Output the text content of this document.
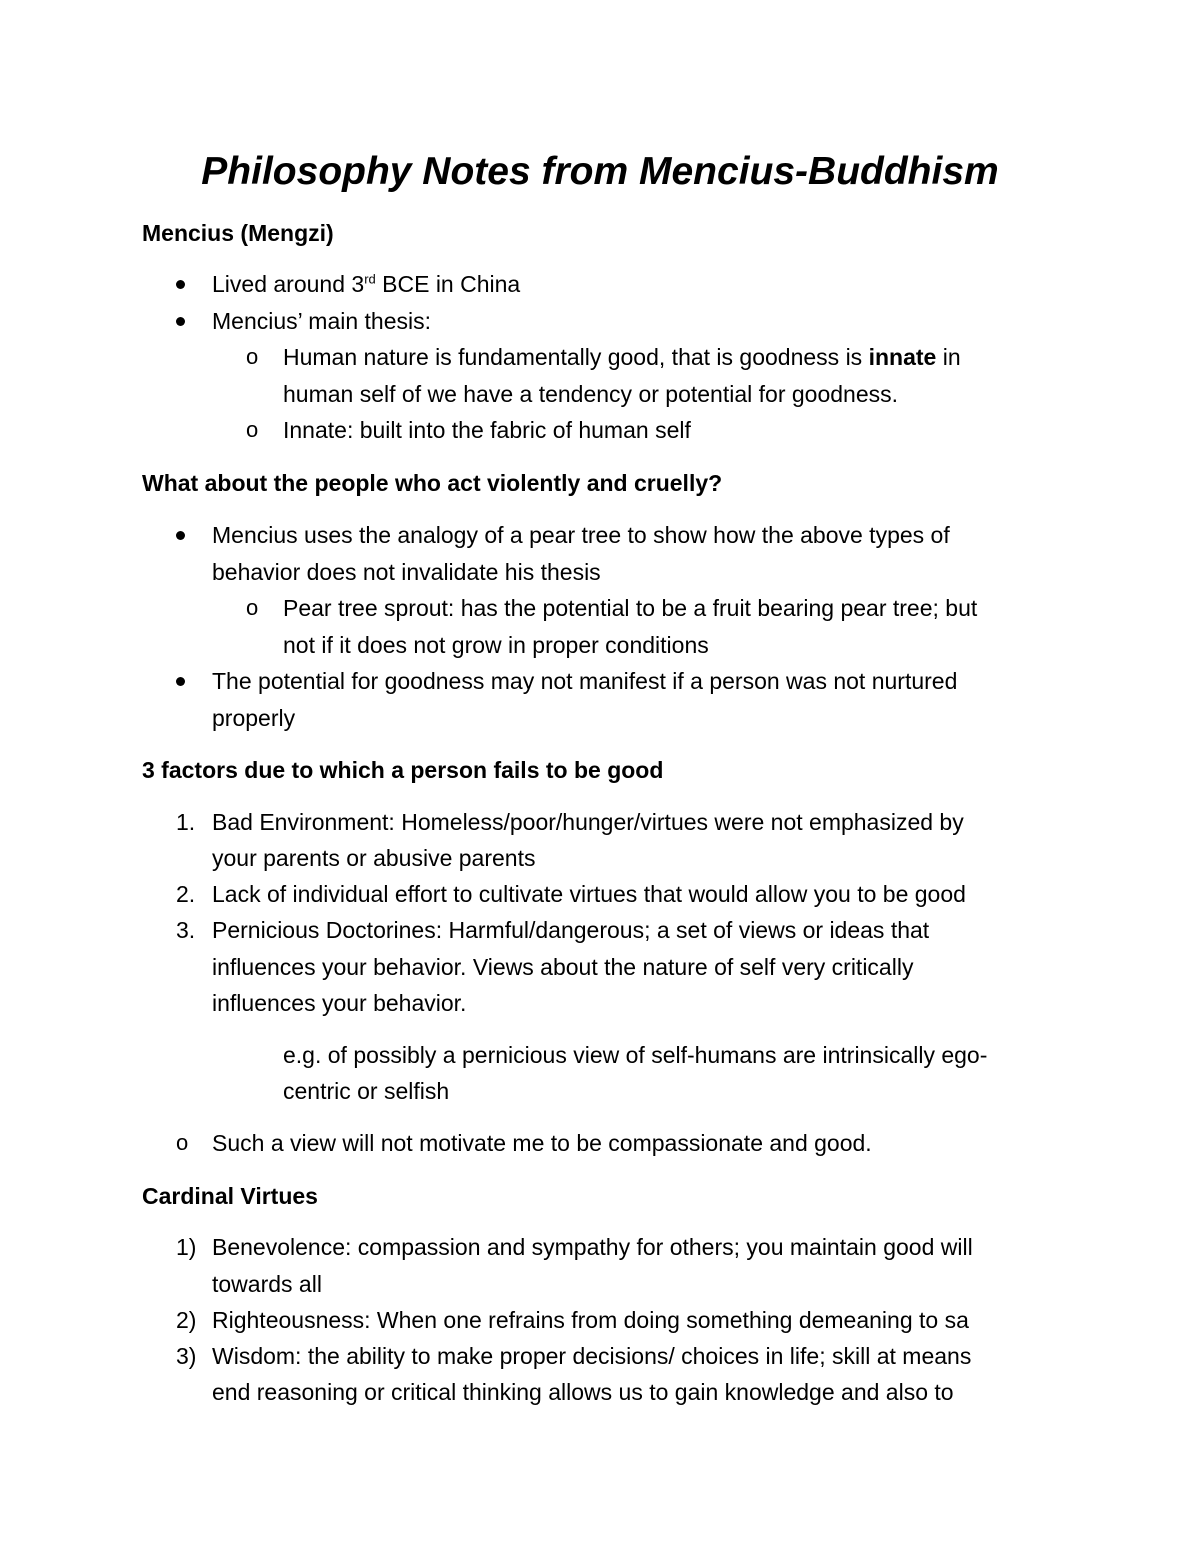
Philosophy Notes from Mencius-Buddhism
Mencius (Mengzi)
Lived around 3rd BCE in China
Mencius’ main thesis:
o Human nature is fundamentally good, that is goodness is innate in
human self of we have a tendency or potential for goodness.
o Innate: built into the fabric of human self
What about the people who act violently and cruelly?
Mencius uses the analogy of a pear tree to show how the above types of
behavior does not invalidate his thesis
o Pear tree sprout: has the potential to be a fruit bearing pear tree; but
not if it does not grow in proper conditions
The potential for goodness may not manifest if a person was not nurtured
properly
3 factors due to which a person fails to be good
1. Bad Environment: Homeless/poor/hunger/virtues were not emphasized by
your parents or abusive parents
2. Lack of individual effort to cultivate virtues that would allow you to be good
3. Pernicious Doctorines: Harmful/dangerous; a set of views or ideas that
influences your behavior. Views about the nature of self very critically
influences your behavior.
e.g. of possibly a pernicious view of self-humans are intrinsically ego-
centric or selfish
o Such a view will not motivate me to be compassionate and good.
Cardinal Virtues
1) Benevolence: compassion and sympathy for others; you maintain good will
towards all
2) Righteousness: When one refrains from doing something demeaning to sa
3) Wisdom: the ability to make proper decisions/ choices in life; skill at means
end reasoning or critical thinking allows us to gain knowledge and also to
